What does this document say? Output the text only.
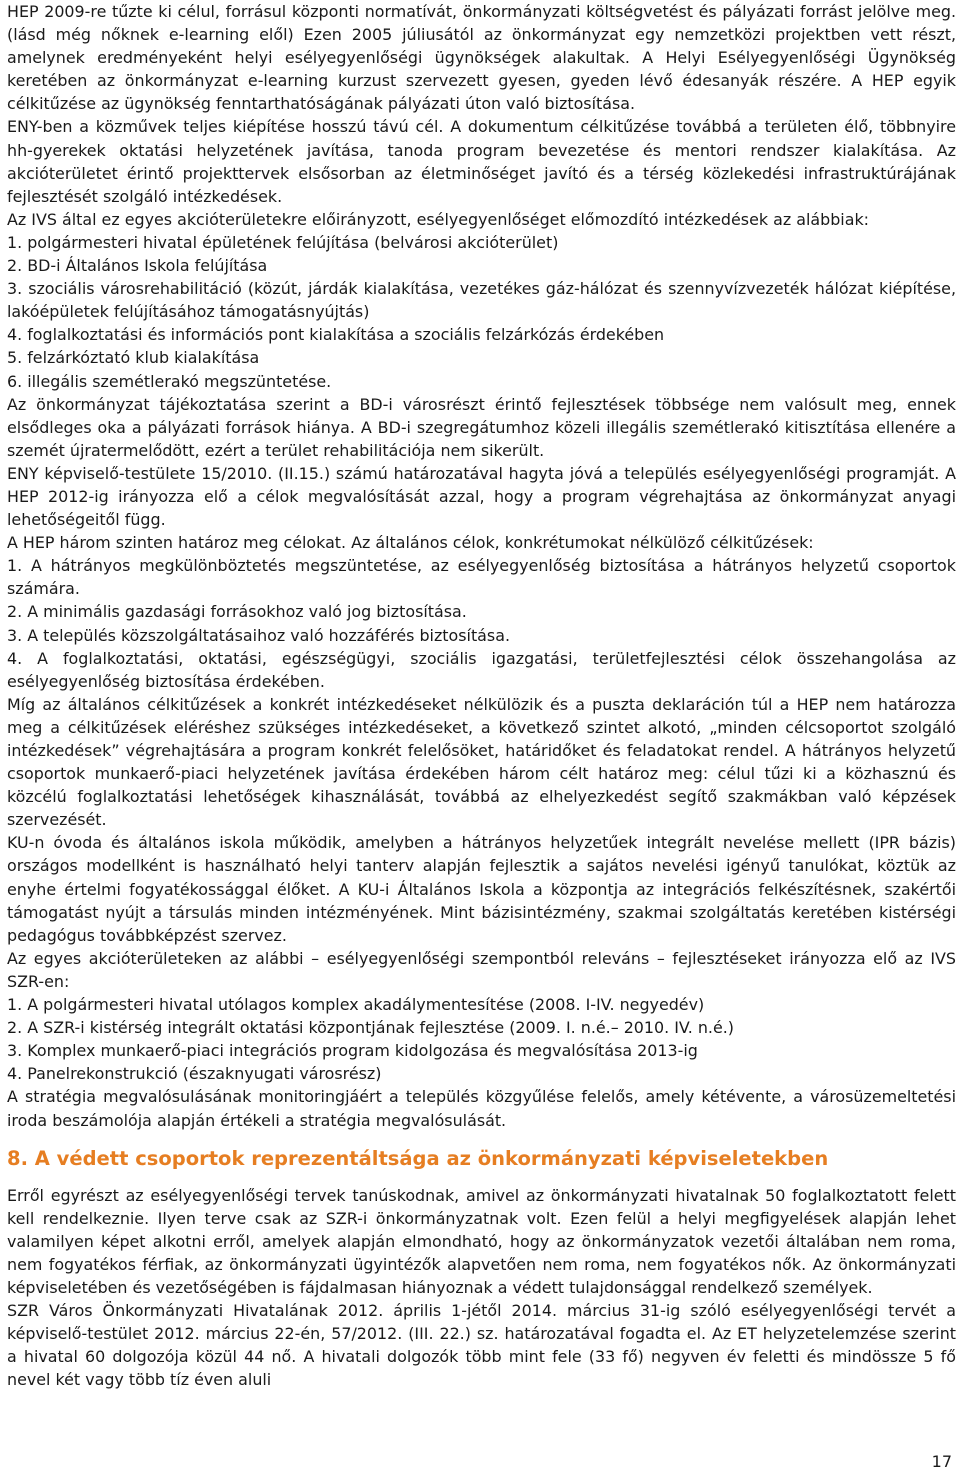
HEP 2009-re tűzte ki célul, forrásul központi normatívát, önkormányzati költségvetést és pályázati forrást jelölve meg. (lásd még nőknek e-learning elől) Ezen 2005 júliusától az önkormányzat egy nemzetközi projektben vett részt, amelynek eredményeként helyi esélyegyenlőségi ügynökségek alakultak. A Helyi Esélyegyenlőségi Ügynökség keretében az önkormányzat e-learning kurzust szervezett gyesen, gyeden lévő édesanyák részére. A HEP egyik célkitűzése az ügynökség fenntarthatóságának pályázati úton való biztosítása.

ENY-ben a közművek teljes kiépítése hosszú távú cél. A dokumentum célkitűzése továbbá a területen élő, többnyire hh-gyerekek oktatási helyzetének javítása, tanoda program bevezetése és mentori rendszer kialakítása. Az akcióterületet érintő projekttervek elsősorban az életminőséget javító és a térség közlekedési infrastruktúrájának fejlesztését szolgáló intézkedések.

Az IVS által ez egyes akcióterületekre előirányzott, esélyegyenlőséget előmozdító intézkedések az alábbiak:

1. polgármesteri hivatal épületének felújítása (belvárosi akcióterület)

2. BD-i Általános Iskola felújítása

3. szociális városrehabilitáció (közút, járdák kialakítása, vezetékes gáz-hálózat és szennyvízvezeték hálózat kiépítése, lakóépületek felújításához támogatásnyújtás)

4. foglalkoztatási és információs pont kialakítása a szociális felzárkózás érdekében

5. felzárkóztató klub kialakítása

6. illegális szemétlerakó megszüntetése.

Az önkormányzat tájékoztatása szerint a BD-i városrészt érintő fejlesztések többsége nem valósult meg, ennek elsődleges oka a pályázati források hiánya. A BD-i szegregátumhoz közeli illegális szemétlerakó kitisztítása ellenére a szemét újratermelődött, ezért a terület rehabilitációja nem sikerült.

ENY képviselő-testülete 15/2010. (II.15.) számú határozatával hagyta jóvá a település esélyegyenlőségi programját. A HEP 2012-ig irányozza elő a célok megvalósítását azzal, hogy a program végrehajtása az önkormányzat anyagi lehetőségeitől függ.

A HEP három szinten határoz meg célokat. Az általános célok, konkrétumokat nélkülöző célkitűzések:

1. A hátrányos megkülönböztetés megszüntetése, az esélyegyenlőség biztosítása a hátrányos helyzetű csoportok számára.

2. A minimális gazdasági forrásokhoz való jog biztosítása.

3. A település közszolgáltatásaihoz való hozzáférés biztosítása.

4. A foglalkoztatási, oktatási, egészségügyi, szociális igazgatási, területfejlesztési célok összehangolása az esélyegyenlőség biztosítása érdekében.

Míg az általános célkitűzések a konkrét intézkedéseket nélkülözik és a puszta deklaráción túl a HEP nem határozza meg a célkitűzések eléréshez szükséges intézkedéseket, a következő szintet alkotó, „minden célcsoportot szolgáló intézkedések” végrehajtására a program konkrét felelősöket, határidőket és feladatokat rendel. A hátrányos helyzetű csoportok munkaerő-piaci helyzetének javítása érdekében három célt határoz meg: célul tűzi ki a közhasznú és közcélú foglalkoztatási lehetőségek kihasználását, továbbá az elhelyezkedést segítő szakmákban való képzések szervezését.

KU-n óvoda és általános iskola működik, amelyben a hátrányos helyzetűek integrált nevelése mellett (IPR bázis) országos modellként is használható helyi tanterv alapján fejlesztik a sajátos nevelési igényű tanulókat, köztük az enyhe értelmi fogyatékossággal élőket. A KU-i Általános Iskola a központja az integrációs felkészítésnek, szakértői támogatást nyújt a társulás minden intézményének. Mint bázisintézmény, szakmai szolgáltatás keretében kistérségi pedagógus továbbképzést szervez.

Az egyes akcióterületeken az alábbi – esélyegyenlőségi szempontból releváns – fejlesztéseket irányozza elő az IVS SZR-en:

1. A polgármesteri hivatal utólagos komplex akadálymentesítése (2008. I-IV. negyedév)

2. A SZR-i kistérség integrált oktatási központjának fejlesztése (2009. I. n.é.– 2010. IV. n.é.)

3. Komplex munkaerő-piaci integrációs program kidolgozása és megvalósítása 2013-ig

4. Panelrekonstrukció (északnyugati városrész)

A stratégia megvalósulásának monitoringjáért a település közgyűlése felelős, amely kétévente, a városüzemeltetési iroda beszámolója alapján értékeli a stratégia megvalósulását.

8. A védett csoportok reprezentáltsága az önkormányzati képviseletekben

Erről egyrészt az esélyegyenlőségi tervek tanúskodnak, amivel az önkormányzati hivatalnak 50 foglalkoztatott felett kell rendelkeznie. Ilyen terve csak az SZR-i önkormányzatnak volt. Ezen felül a helyi megfigyelések alapján lehet valamilyen képet alkotni erről, amelyek alapján elmondható, hogy az önkormányzatok vezetői általában nem roma, nem fogyatékos férfiak, az önkormányzati ügyintézők alapvetően nem roma, nem fogyatékos nők. Az önkormányzati képviseletében és vezetőségében is fájdalmasan hiányoznak a védett tulajdonsággal rendelkező személyek.

SZR Város Önkormányzati Hivatalának 2012. április 1-jétől 2014. március 31-ig szóló esélyegyenlőségi tervét a képviselő-testület 2012. március 22-én, 57/2012. (III. 22.) sz. határozatával fogadta el. Az ET helyzetelemzése szerint a hivatal 60 dolgozója közül 44 nő. A hivatali dolgozók több mint fele (33 fő) negyven év feletti és mindössze 5 fő nevel két vagy több tíz éven aluli

17
